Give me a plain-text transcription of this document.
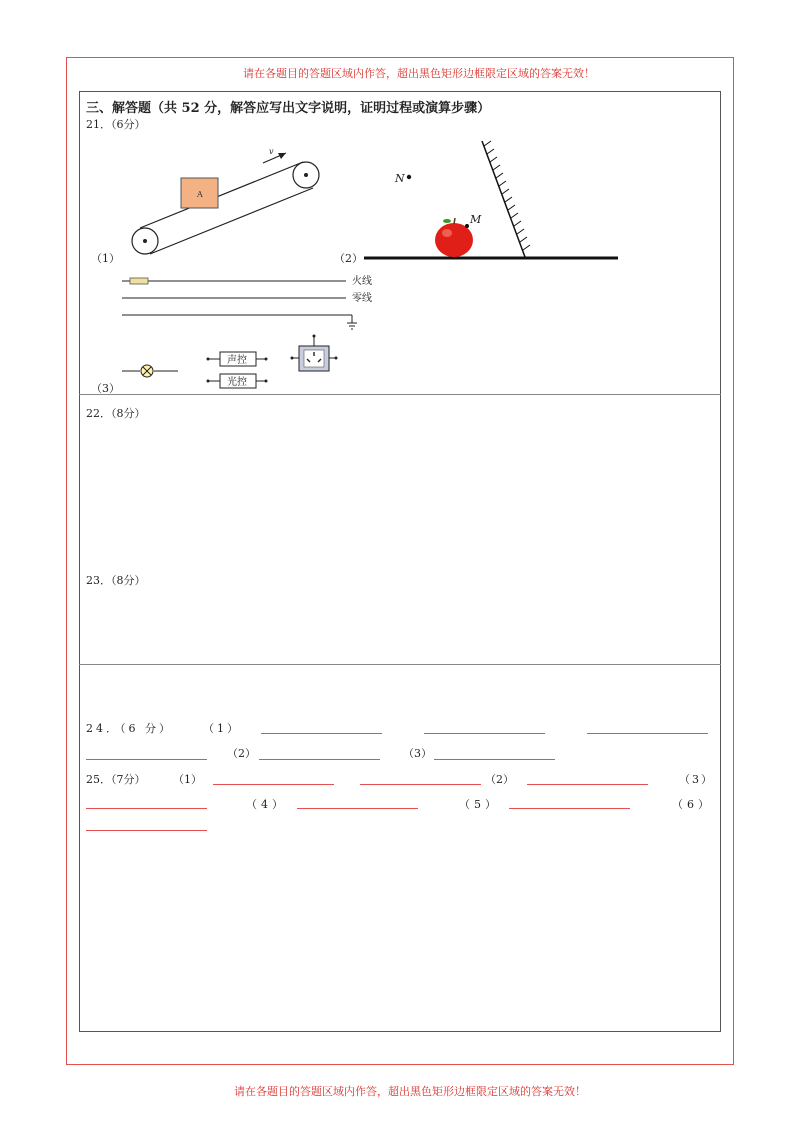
请在各题目的答题区域内作答，超出黑色矩形边框限定区域的答案无效！
三、解答题（共 52 分，解答应写出文字说明，证明过程或演算步骤）
21．（6分）
（1）	（2）
（3）
A
v
N
M
火线
零线
声控
光控
22．（8分）
23．（8分）
24．（6 分）	（1）
（2）	（3）
25．（7分）	（1）	（2）	（3）
（4）	（5）	（6）
请在各题目的答题区域内作答，超出黑色矩形边框限定区域的答案无效！
